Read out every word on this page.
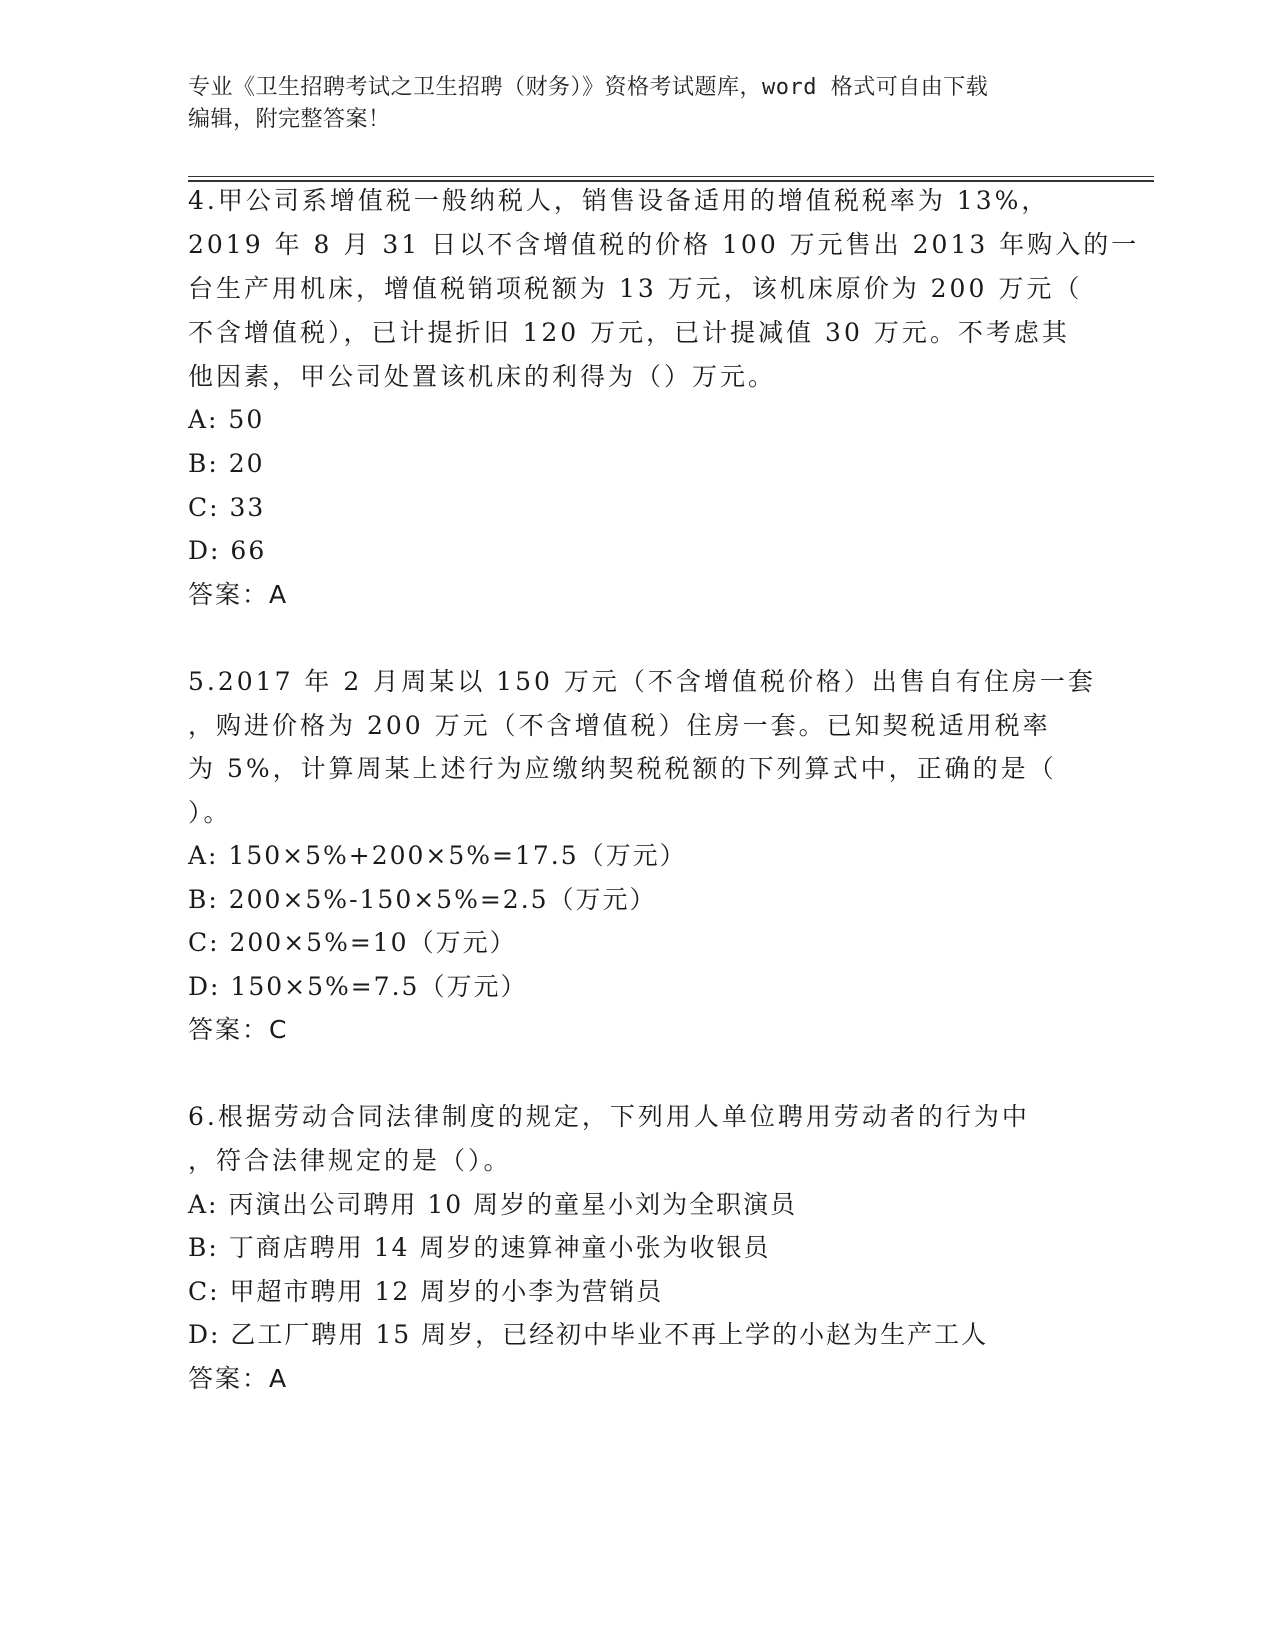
专业《卫生招聘考试之卫生招聘（财务）》资格考试题库，word 格式可自由下载
编辑，附完整答案！
4.甲公司系增值税一般纳税人，销售设备适用的增值税税率为 13%，
2019 年 8 月 31 日以不含增值税的价格 100 万元售出 2013 年购入的一
台生产用机床，增值税销项税额为 13 万元，该机床原价为 200 万元（
不含增值税），已计提折旧 120 万元，已计提减值 30 万元。不考虑其
他因素，甲公司处置该机床的利得为（）万元。
A: 50
B: 20
C: 33
D: 66
答案：A
5.2017 年 2 月周某以 150 万元（不含增值税价格）出售自有住房一套
，购进价格为 200 万元（不含增值税）住房一套。已知契税适用税率
为 5%，计算周某上述行为应缴纳契税税额的下列算式中，正确的是（
）。
A: 150×5%+200×5%=17.5（万元）
B: 200×5%-150×5%=2.5（万元）
C: 200×5%=10（万元）
D: 150×5%=7.5（万元）
答案：C
6.根据劳动合同法律制度的规定，下列用人单位聘用劳动者的行为中
，符合法律规定的是（）。
A: 丙演出公司聘用 10 周岁的童星小刘为全职演员
B: 丁商店聘用 14 周岁的速算神童小张为收银员
C: 甲超市聘用 12 周岁的小李为营销员
D: 乙工厂聘用 15 周岁，已经初中毕业不再上学的小赵为生产工人
答案：A
